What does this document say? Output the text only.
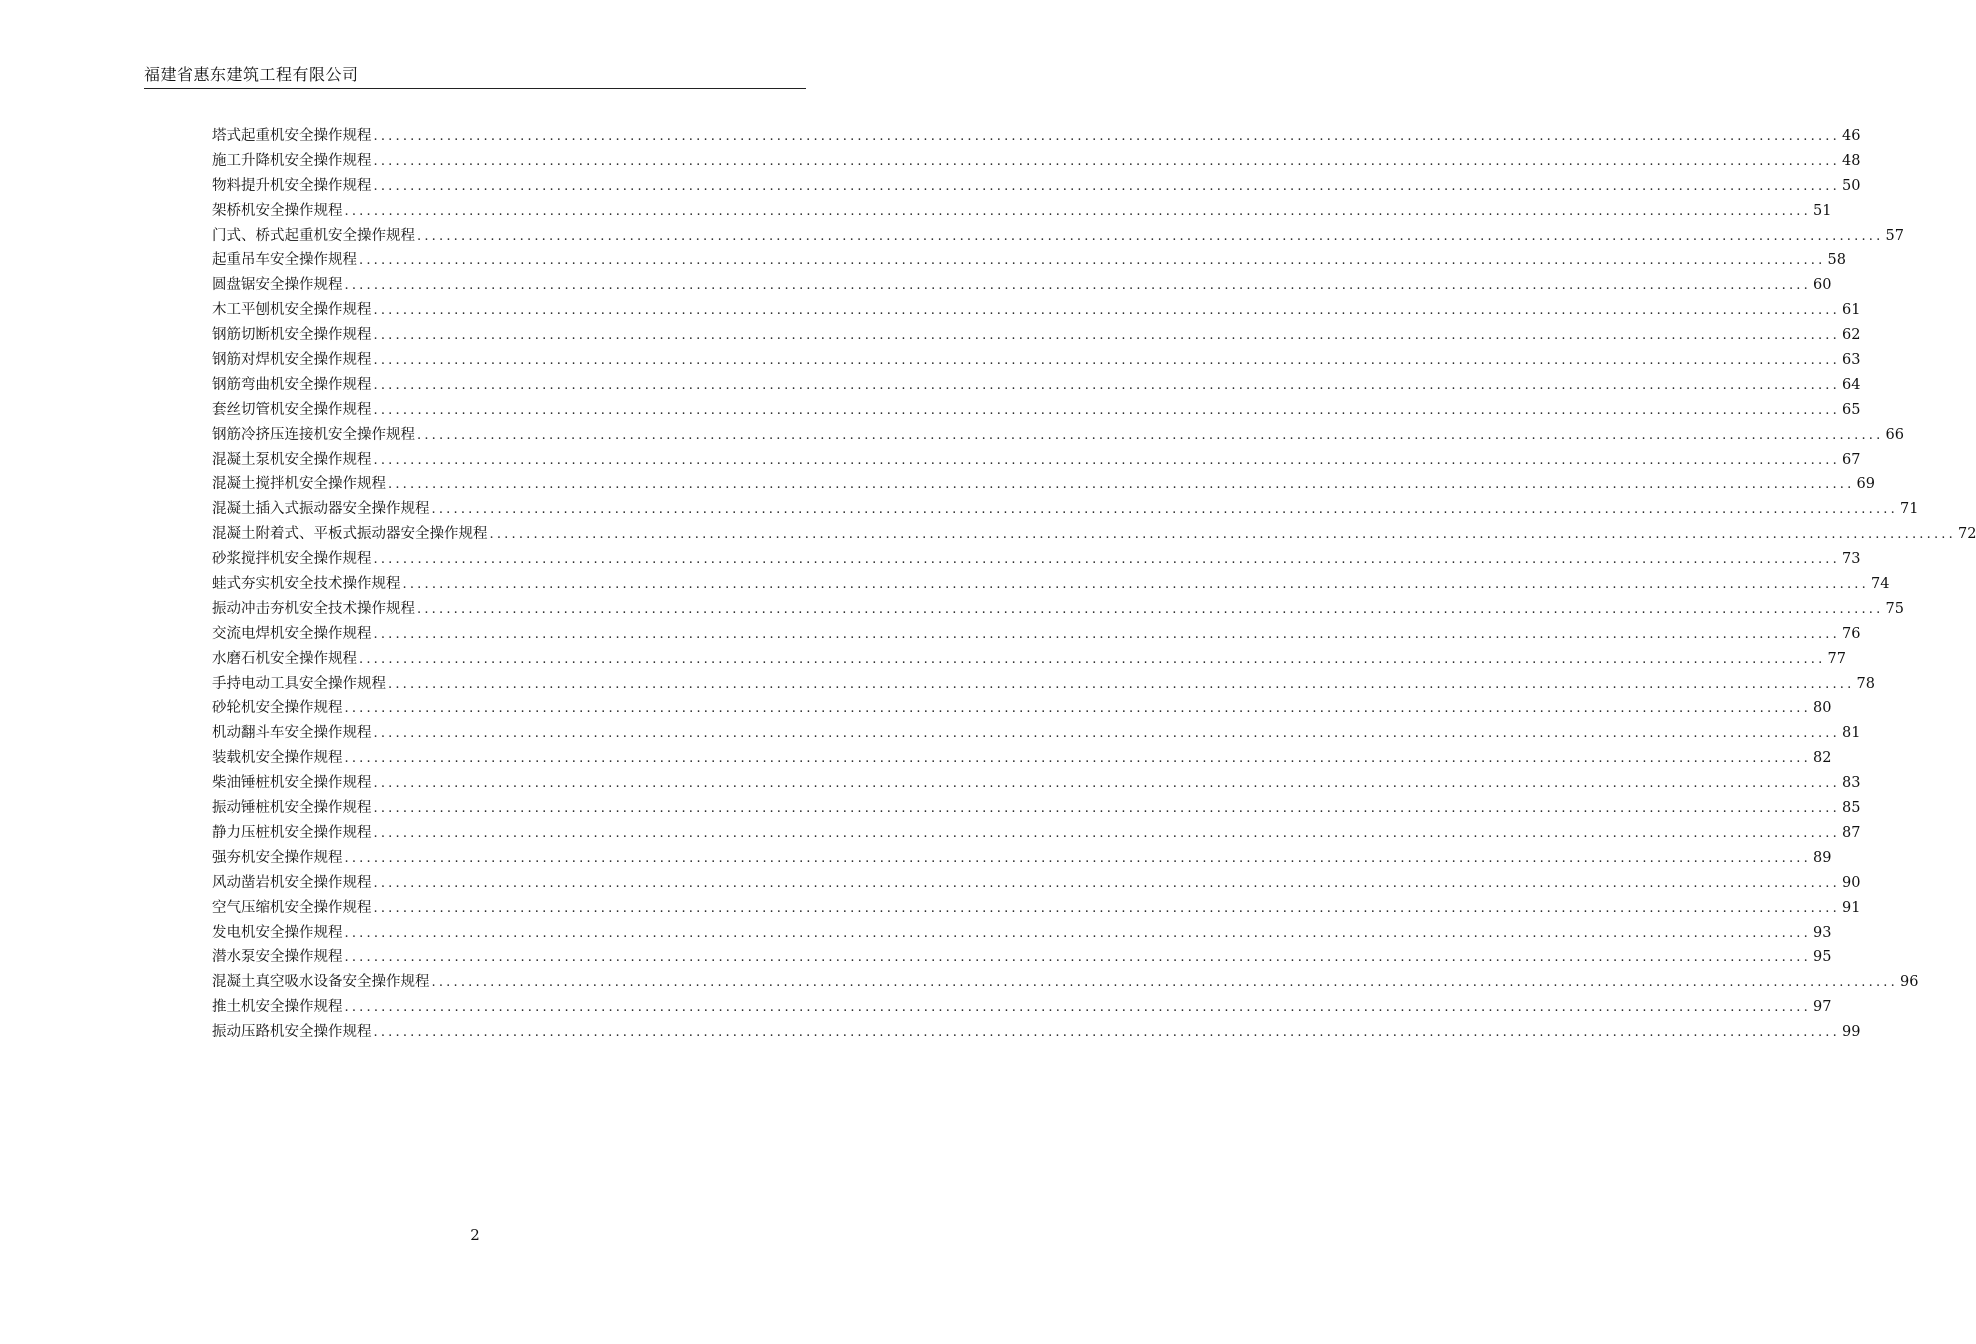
福建省惠东建筑工程有限公司
塔式起重机安全操作规程 ........................................................................................................................................................................................................ 46
施工升降机安全操作规程 ........................................................................................................................................................................................................ 48
物料提升机安全操作规程 ........................................................................................................................................................................................................ 50
架桥机安全操作规程 ........................................................................................................................................................................................................ 51
门式、桥式起重机安全操作规程 ........................................................................................................................................................................................................ 57
起重吊车安全操作规程 ........................................................................................................................................................................................................ 58
圆盘锯安全操作规程 ........................................................................................................................................................................................................ 60
木工平刨机安全操作规程 ........................................................................................................................................................................................................ 61
钢筋切断机安全操作规程 ........................................................................................................................................................................................................ 62
钢筋对焊机安全操作规程 ........................................................................................................................................................................................................ 63
钢筋弯曲机安全操作规程 ........................................................................................................................................................................................................ 64
套丝切管机安全操作规程 ........................................................................................................................................................................................................ 65
钢筋冷挤压连接机安全操作规程 ........................................................................................................................................................................................................ 66
混凝土泵机安全操作规程 ........................................................................................................................................................................................................ 67
混凝土搅拌机安全操作规程 ........................................................................................................................................................................................................ 69
混凝土插入式振动器安全操作规程 ........................................................................................................................................................................................................ 71
混凝土附着式、平板式振动器安全操作规程 ........................................................................................................................................................................................................ 72
砂浆搅拌机安全操作规程 ........................................................................................................................................................................................................ 73
蛙式夯实机安全技术操作规程 ........................................................................................................................................................................................................ 74
振动冲击夯机安全技术操作规程 ........................................................................................................................................................................................................ 75
交流电焊机安全操作规程 ........................................................................................................................................................................................................ 76
水磨石机安全操作规程 ........................................................................................................................................................................................................ 77
手持电动工具安全操作规程 ........................................................................................................................................................................................................ 78
砂轮机安全操作规程 ........................................................................................................................................................................................................ 80
机动翻斗车安全操作规程 ........................................................................................................................................................................................................ 81
装载机安全操作规程 ........................................................................................................................................................................................................ 82
柴油锤桩机安全操作规程 ........................................................................................................................................................................................................ 83
振动锤桩机安全操作规程 ........................................................................................................................................................................................................ 85
静力压桩机安全操作规程 ........................................................................................................................................................................................................ 87
强夯机安全操作规程 ........................................................................................................................................................................................................ 89
风动凿岩机安全操作规程 ........................................................................................................................................................................................................ 90
空气压缩机安全操作规程 ........................................................................................................................................................................................................ 91
发电机安全操作规程 ........................................................................................................................................................................................................ 93
潜水泵安全操作规程 ........................................................................................................................................................................................................ 95
混凝土真空吸水设备安全操作规程 ........................................................................................................................................................................................................ 96
推土机安全操作规程 ........................................................................................................................................................................................................ 97
振动压路机安全操作规程 ........................................................................................................................................................................................................ 99
2
